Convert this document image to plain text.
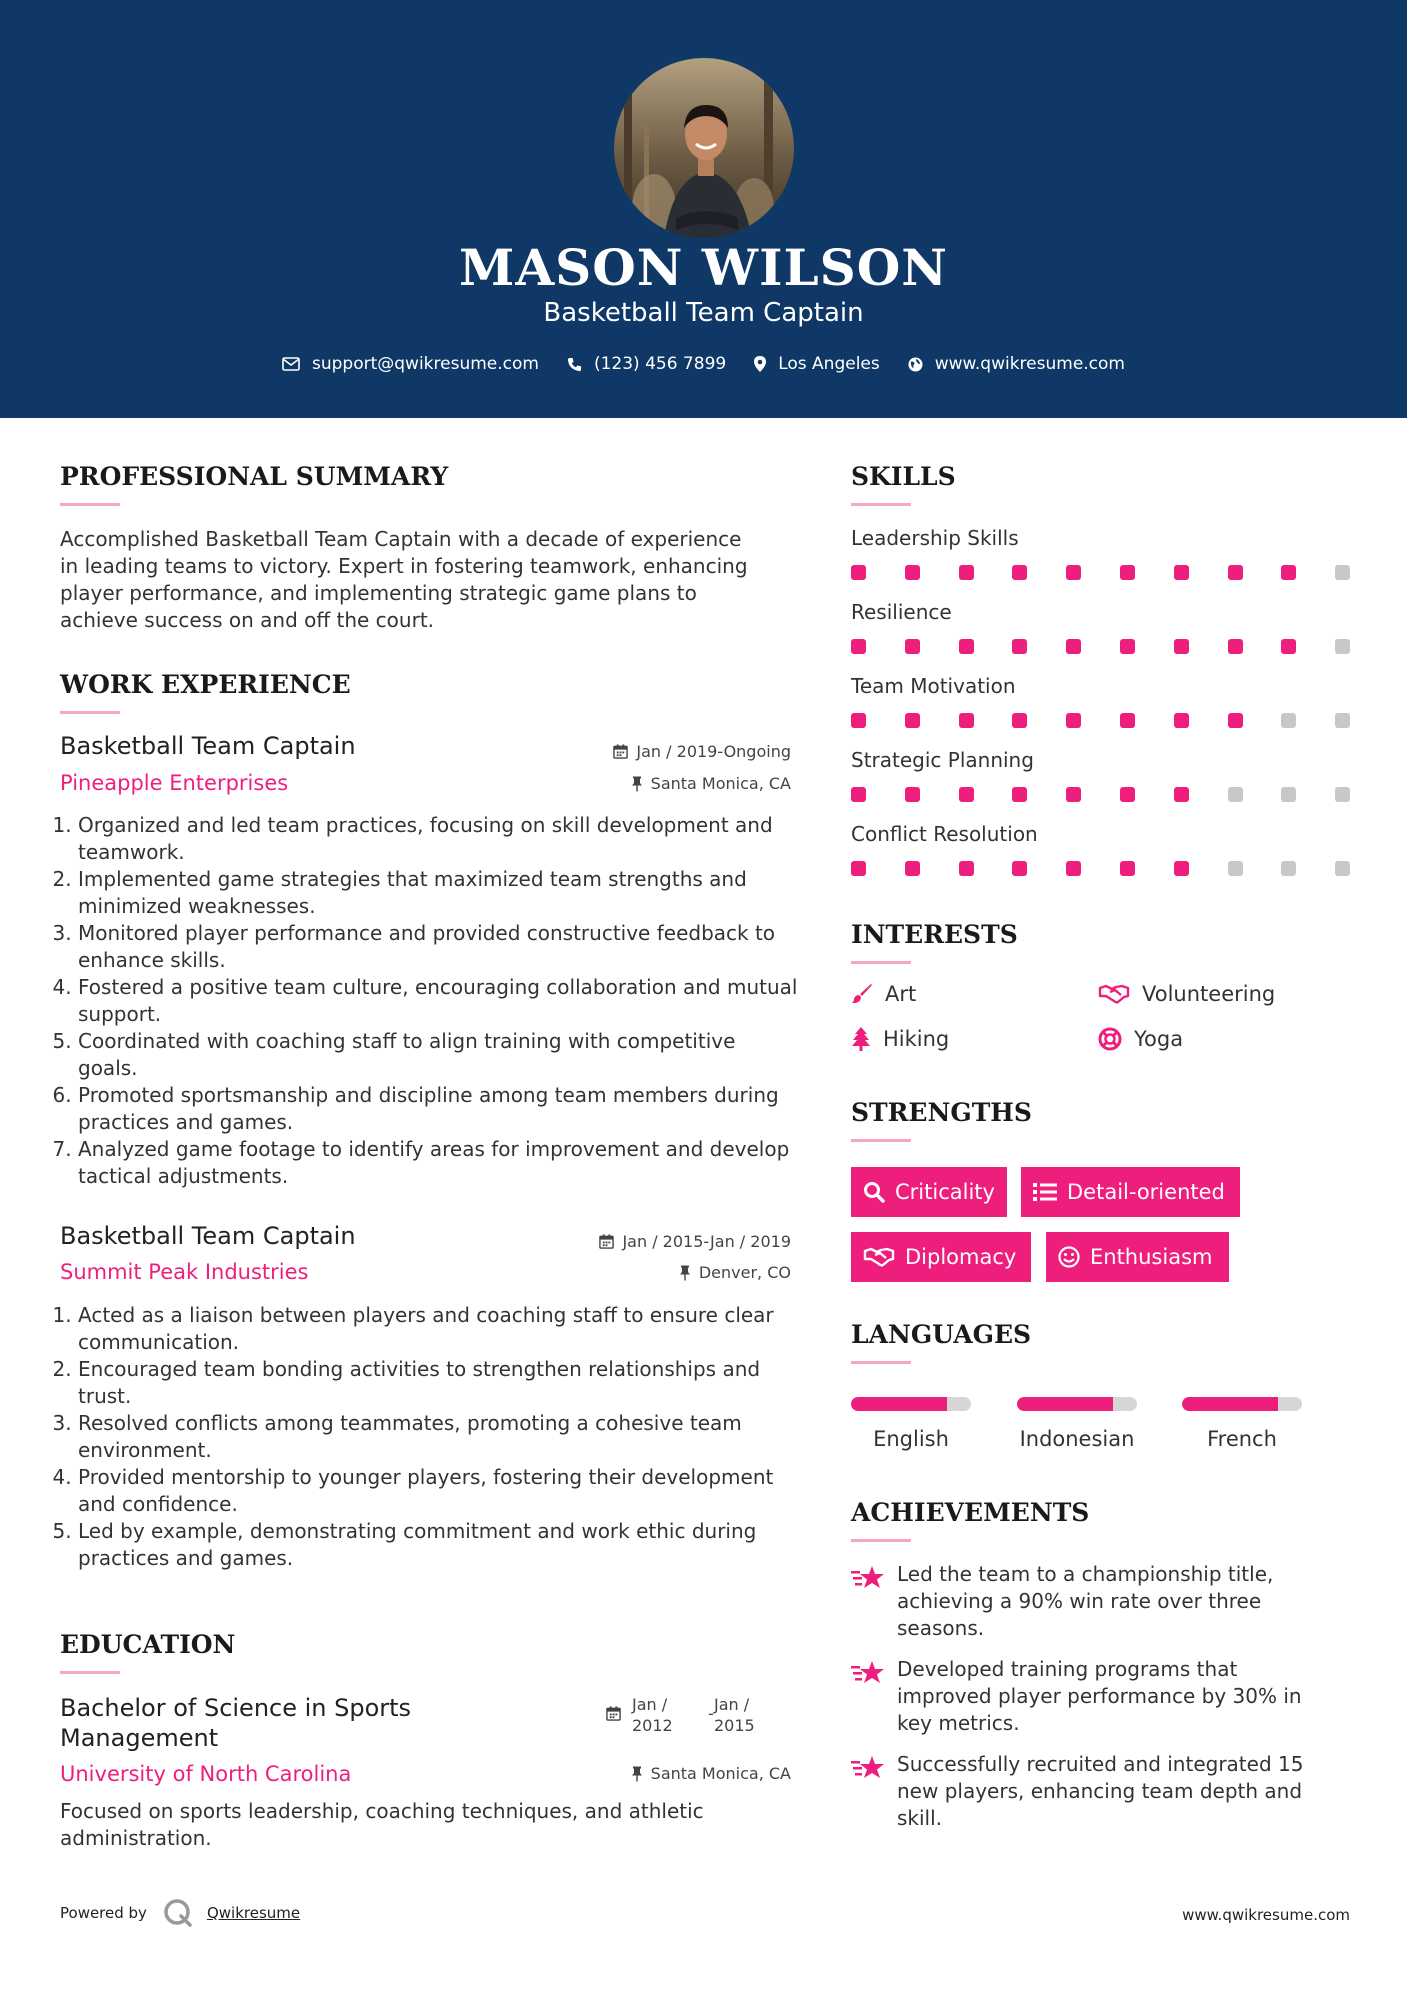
MASON WILSON
Basketball Team Captain
support@qwikresume.com	(123) 456 7899	Los Angeles	www.qwikresume.com
PROFESSIONAL SUMMARY
Accomplished Basketball Team Captain with a decade of experience
in leading teams to victory. Expert in fostering teamwork, enhancing
player performance, and implementing strategic game plans to
achieve success on and off the court.
WORK EXPERIENCE
Basketball Team Captain
Pineapple Enterprises
Jan / 2019-Ongoing
Santa Monica, CA
1. Organized and led team practices, focusing on skill development and teamwork.
2. Implemented game strategies that maximized team strengths and minimized weaknesses.
3. Monitored player performance and provided constructive feedback to enhance skills.
4. Fostered a positive team culture, encouraging collaboration and mutual support.
5. Coordinated with coaching staff to align training with competitive goals.
6. Promoted sportsmanship and discipline among team members during practices and games.
7. Analyzed game footage to identify areas for improvement and develop tactical adjustments.
Basketball Team Captain
Summit Peak Industries
Jan / 2015-Jan / 2019
Denver, CO
1. Acted as a liaison between players and coaching staff to ensure clear communication.
2. Encouraged team bonding activities to strengthen relationships and trust.
3. Resolved conflicts among teammates, promoting a cohesive team environment.
4. Provided mentorship to younger players, fostering their development and confidence.
5. Led by example, demonstrating commitment and work ethic during practices and games.
EDUCATION
Bachelor of Science in Sports
Management
Jan /
2012
- Jan /
2015
University of North Carolina	Santa Monica, CA
Focused on sports leadership, coaching techniques, and athletic
administration.
SKILLS
Leadership Skills
Resilience
Team Motivation
Strategic Planning
Conflict Resolution
INTERESTS
Art	Volunteering
Hiking	Yoga
STRENGTHS
Criticality	Detail-oriented
Diplomacy	Enthusiasm
LANGUAGES
English	Indonesian	French
ACHIEVEMENTS
Led the team to a championship title,
achieving a 90% win rate over three
seasons.
Developed training programs that
improved player performance by 30% in
key metrics.
Successfully recruited and integrated 15
new players, enhancing team depth and
skill.
Powered by	Qwikresume	www.qwikresume.com
